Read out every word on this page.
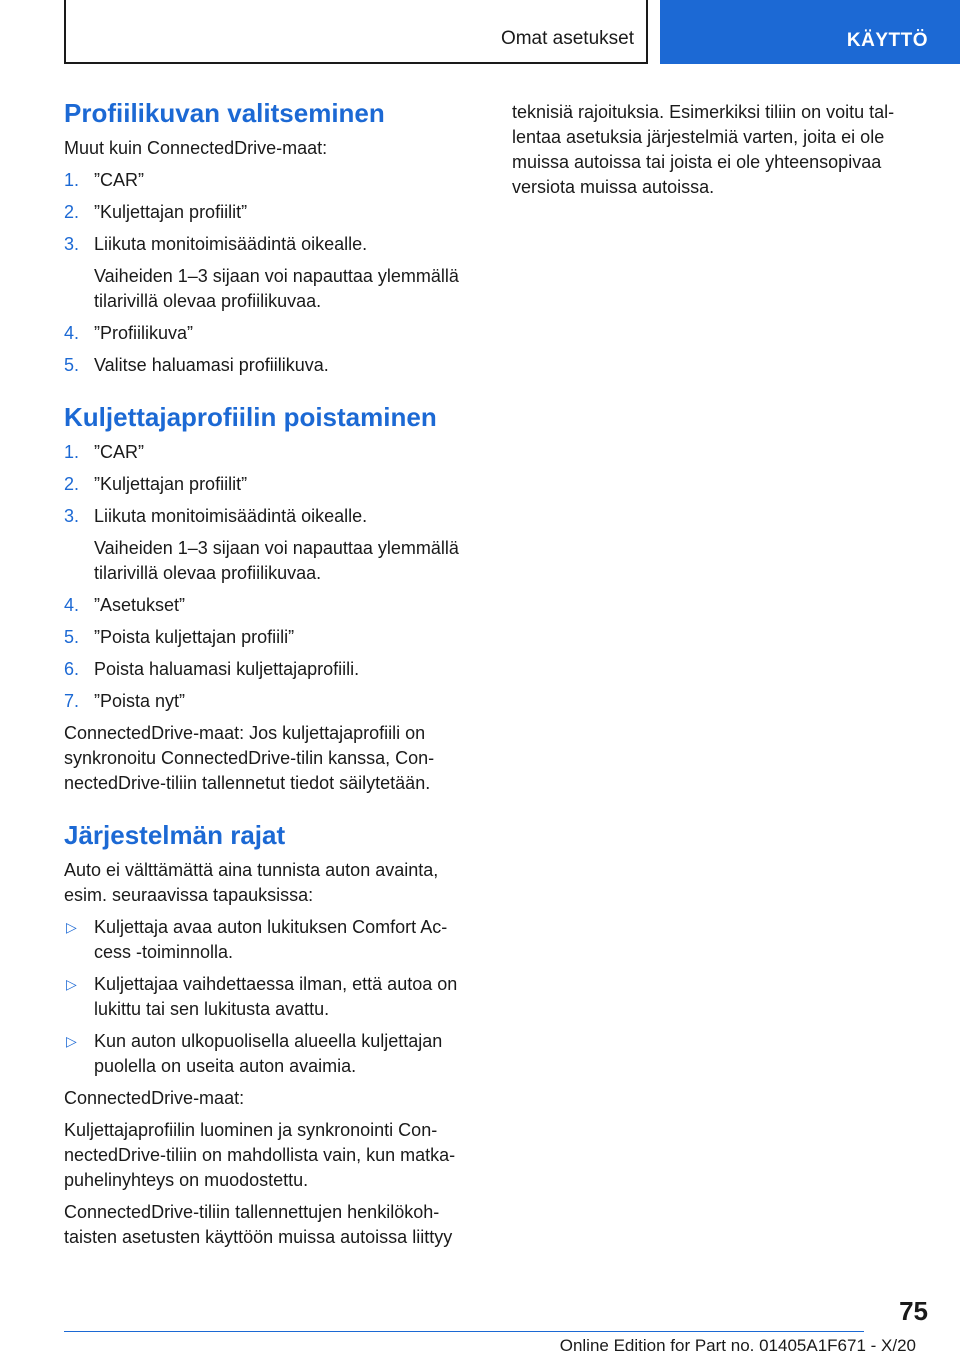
Omat asetukset	KÄYTTÖ
Profiilikuvan valitseminen

Muut kuin ConnectedDrive-maat:

1. ”CAR”
2. ”Kuljettajan profiilit”
3. Liikuta monitoimisäädintä oikealle.
Vaiheiden 1–3 sijaan voi napauttaa ylemmällä tilarivillä olevaa profiilikuvaa.
4. ”Profiilikuva”
5. Valitse haluamasi profiilikuva.
Kuljettajaprofiilin poistaminen
1. ”CAR”
2. ”Kuljettajan profiilit”
3. Liikuta monitoimisäädintä oikealle.
Vaiheiden 1–3 sijaan voi napauttaa ylemmällä tilarivillä olevaa profiilikuvaa.
4. ”Asetukset”
5. ”Poista kuljettajan profiili”
6. Poista haluamasi kuljettajaprofiili.
7. ”Poista nyt”

ConnectedDrive-maat: Jos kuljettajaprofiili on synkronoitu ConnectedDrive-tilin kanssa, Con-nectedDrive-tiliin tallennetut tiedot säilytetään.

Järjestelmän rajat

Auto ei välttämättä aina tunnista auton avainta, esim. seuraavissa tapauksissa:

▷ Kuljettaja avaa auton lukituksen Comfort Ac-cess -toiminnolla.
▷ Kuljettajaa vaihdettaessa ilman, että autoa on lukittu tai sen lukitusta avattu.
▷ Kun auton ulkopuolisella alueella kuljettajan puolella on useita auton avaimia.

ConnectedDrive-maat:

Kuljettajaprofiilin luominen ja synkronointi Con-nectedDrive-tiliin on mahdollista vain, kun matka-puhelinyhteys on muodostettu.

ConnectedDrive-tiliin tallennettujen henkilökoh-taisten asetusten käyttöön muissa autoissa liittyy

teknisiä rajoituksia. Esimerkiksi tiliin on voitu tal-lentaa asetuksia järjestelmiä varten, joita ei ole muissa autoissa tai joista ei ole yhteensopivaa versiota muissa autoissa.

75
Online Edition for Part no. 01405A1F671 - X/20
